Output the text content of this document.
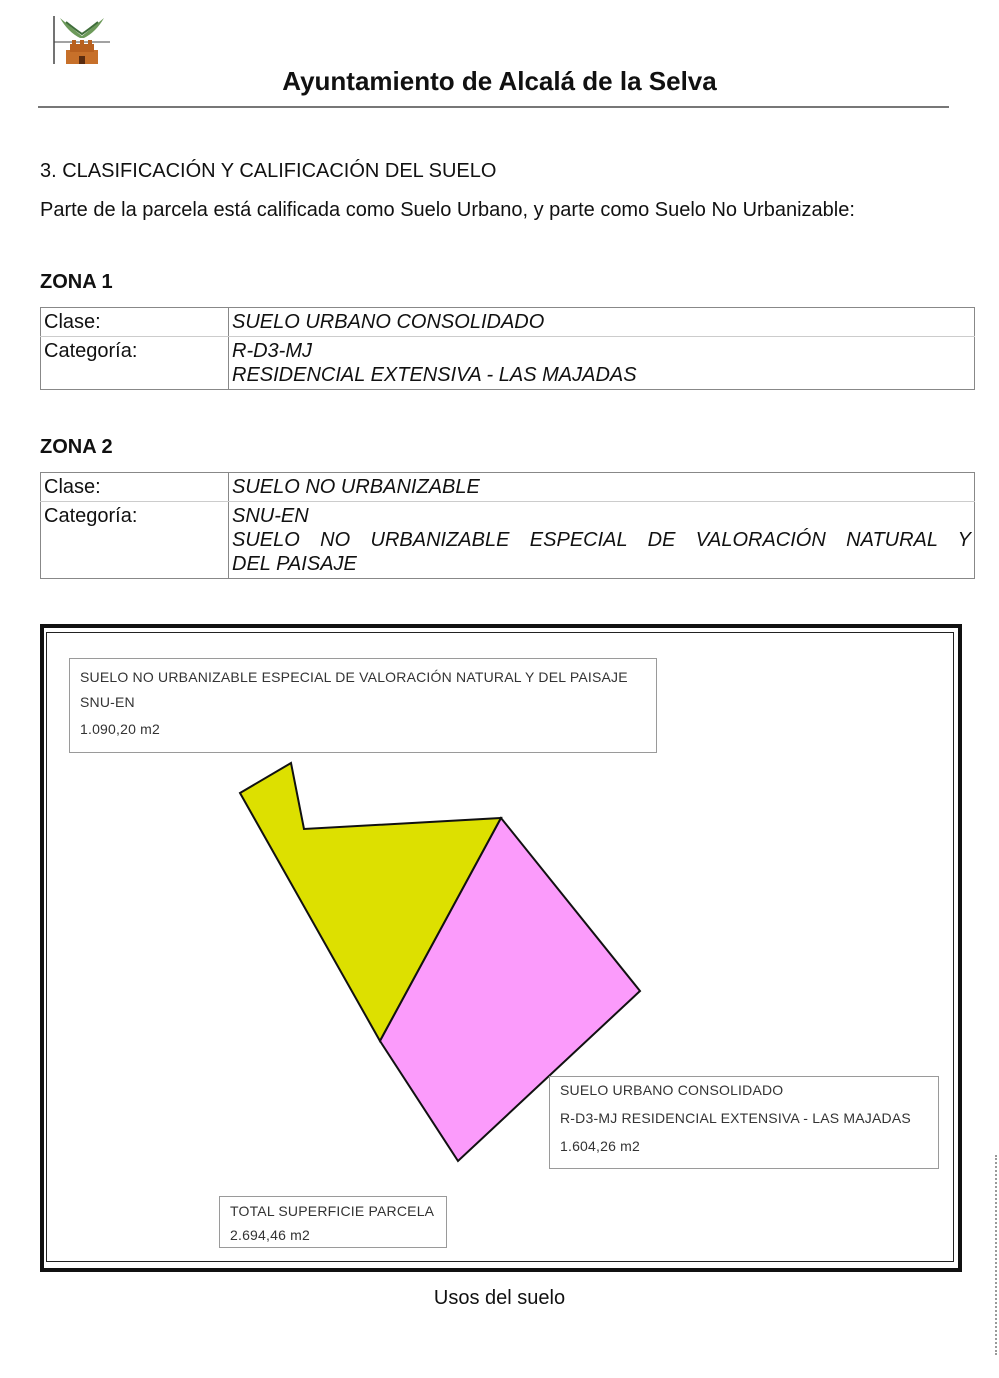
Ayuntamiento de Alcalá de la Selva
3. CLASIFICACIÓN Y CALIFICACIÓN DEL SUELO
Parte de la parcela está calificada como Suelo Urbano, y parte como Suelo No Urbanizable:
ZONA 1
Clase:	SUELO URBANO CONSOLIDADO
Categoría:	R-D3-MJ
RESIDENCIAL EXTENSIVA - LAS MAJADAS
ZONA 2
Clase:	SUELO NO URBANIZABLE
Categoría:	SNU-EN
SUELO NO URBANIZABLE ESPECIAL DE VALORACIÓN NATURAL Y
DEL PAISAJE
SUELO NO URBANIZABLE ESPECIAL DE VALORACIÓN NATURAL Y DEL PAISAJE
SNU-EN
1.090,20 m2
SUELO URBANO CONSOLIDADO
R-D3-MJ RESIDENCIAL EXTENSIVA - LAS MAJADAS
1.604,26 m2
TOTAL SUPERFICIE PARCELA
2.694,46 m2
Usos del suelo
